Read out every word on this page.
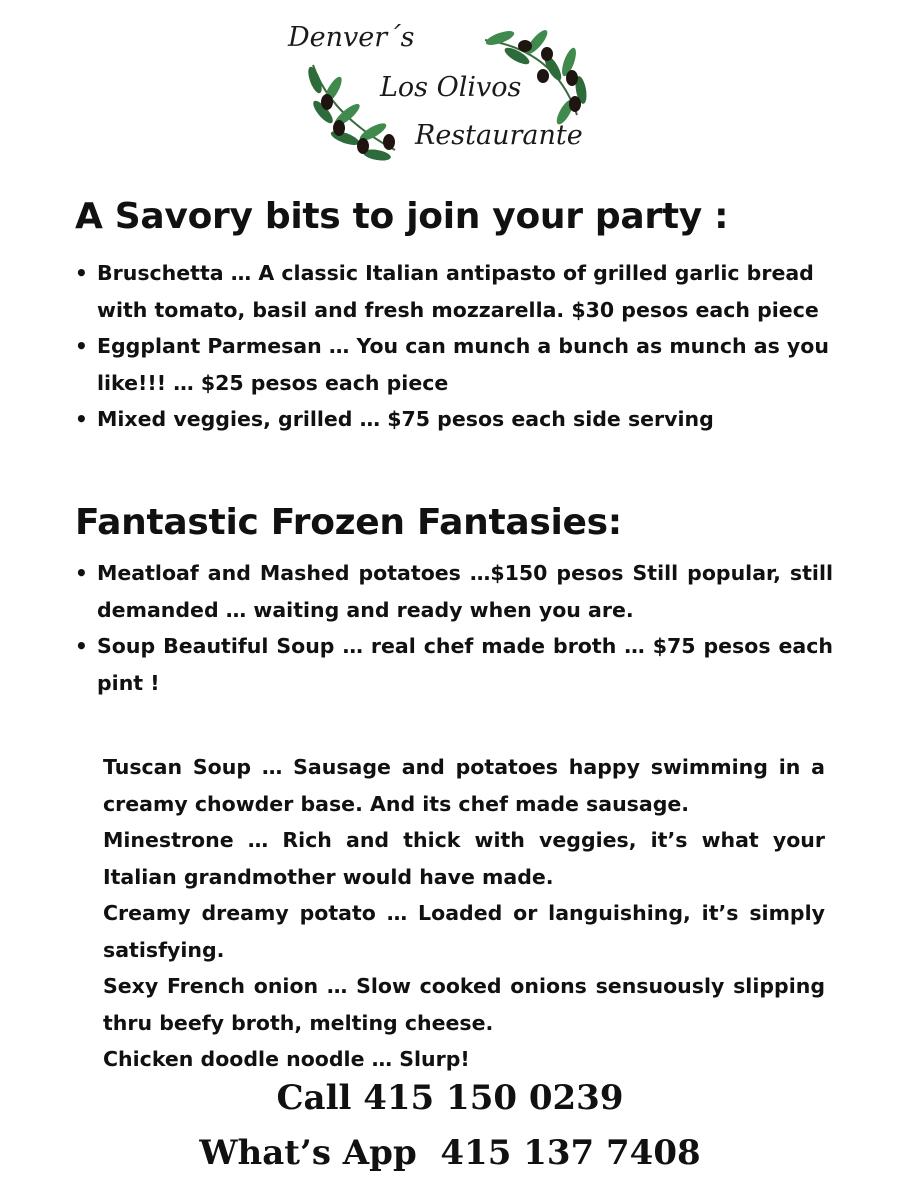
Denver´s
Los Olivos
Restaurante
A Savory bits to join your party :
• Bruschetta … A classic Italian antipasto of grilled garlic bread with tomato, basil and fresh mozzarella. $30 pesos each piece
• Eggplant Parmesan … You can munch a bunch as munch as you like!!! … $25 pesos each piece
• Mixed veggies, grilled … $75 pesos each side serving
Fantastic Frozen Fantasies:
• Meatloaf and Mashed potatoes …$150 pesos Still popular, still demanded … waiting and ready when you are.
• Soup Beautiful Soup … real chef made broth … $75 pesos each pint !
Tuscan Soup … Sausage and potatoes happy swimming in a creamy chowder base. And its chef made sausage.
Minestrone … Rich and thick with veggies, it’s what your Italian grandmother would have made.
Creamy dreamy potato … Loaded or languishing, it’s simply satisfying.
Sexy French onion … Slow cooked onions sensuously slipping thru beefy broth, melting cheese.
Chicken doodle noodle … Slurp!
Call 415 150 0239
What’s App  415 137 7408
